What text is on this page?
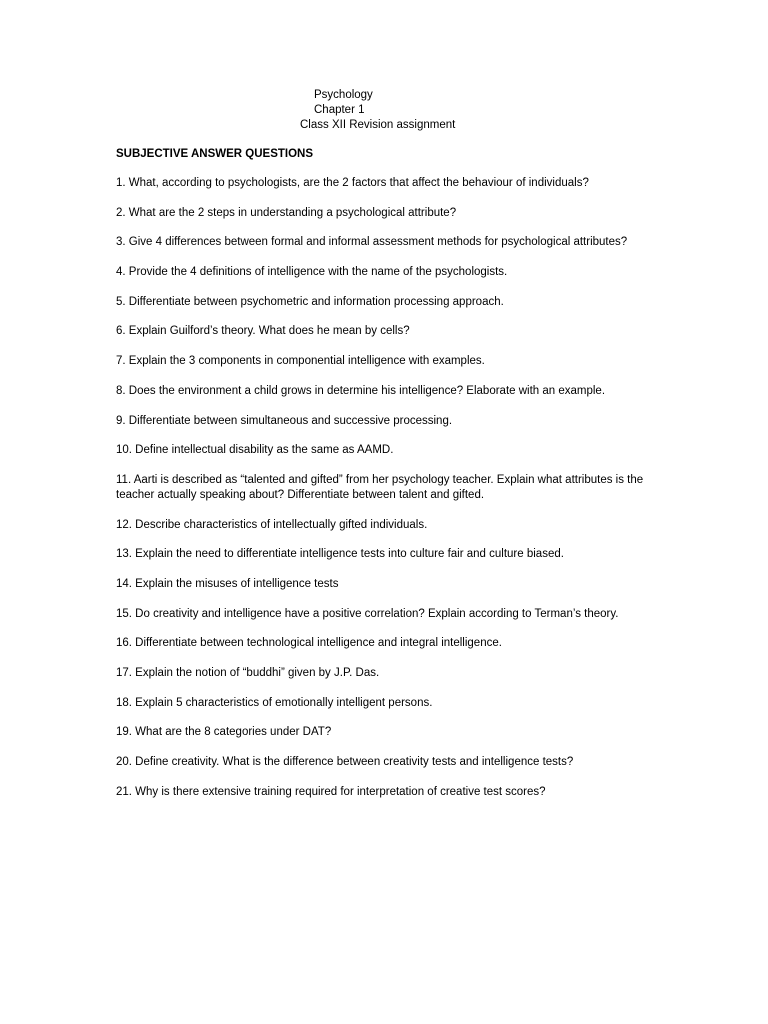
Psychology
Chapter 1
Class XII Revision assignment
SUBJECTIVE ANSWER QUESTIONS
1. What, according to psychologists, are the 2 factors that affect the behaviour of individuals?
2. What are the 2 steps in understanding a psychological attribute?
3. Give 4 differences between formal and informal assessment methods for psychological attributes?
4. Provide the 4 definitions of intelligence with the name of the psychologists.
5. Differentiate between psychometric and information processing approach.
6. Explain Guilford’s theory. What does he mean by cells?
7. Explain the 3 components in componential intelligence with examples.
8. Does the environment a child grows in determine his intelligence? Elaborate with an example.
9. Differentiate between simultaneous and successive processing.
10. Define intellectual disability as the same as AAMD.
11. Aarti is described as “talented and gifted” from her psychology teacher. Explain what attributes is the teacher actually speaking about? Differentiate between talent and gifted.
12. Describe characteristics of intellectually gifted individuals.
13. Explain the need to differentiate intelligence tests into culture fair and culture biased.
14. Explain the misuses of intelligence tests
15. Do creativity and intelligence have a positive correlation? Explain according to Terman’s theory.
16. Differentiate between technological intelligence and integral intelligence.
17. Explain the notion of “buddhi” given by J.P. Das.
18. Explain 5 characteristics of emotionally intelligent persons.
19. What are the 8 categories under DAT?
20. Define creativity. What is the difference between creativity tests and intelligence tests?
21. Why is there extensive training required for interpretation of creative test scores?
